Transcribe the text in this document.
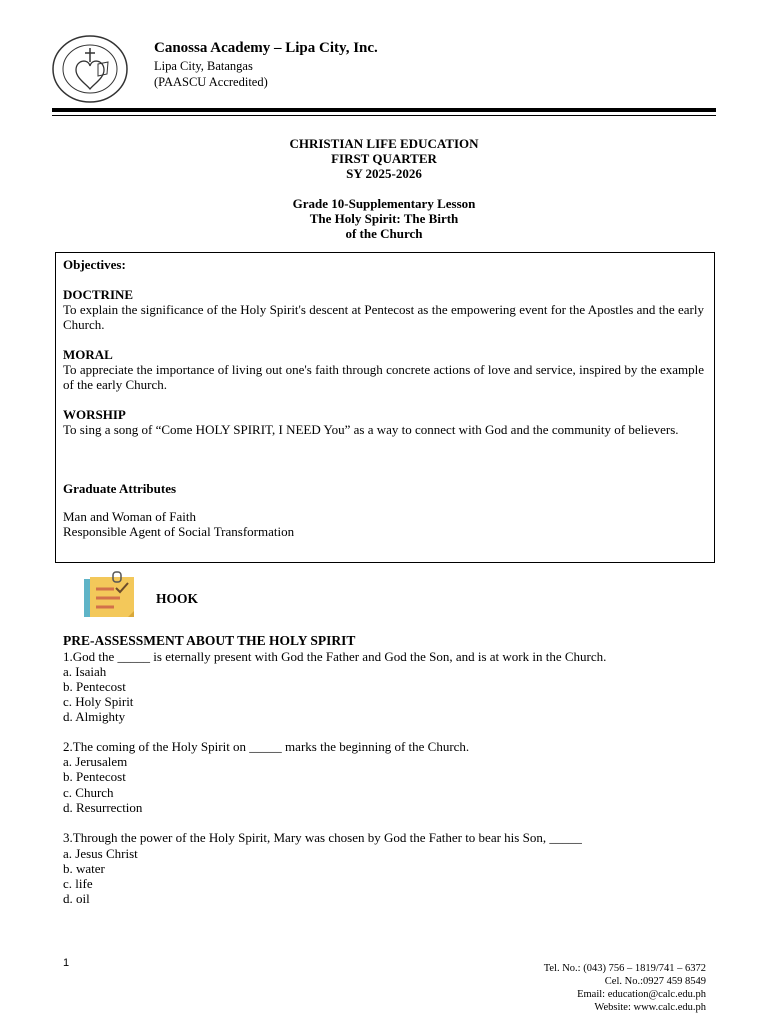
Canossa Academy – Lipa City, Inc.
Lipa City, Batangas
(PAASCU Accredited)
CHRISTIAN LIFE EDUCATION
FIRST QUARTER
SY 2025-2026
Grade 10-Supplementary Lesson
The Holy Spirit: The Birth
of the Church
Objectives:
DOCTRINE
To explain the significance of the Holy Spirit's descent at Pentecost as the empowering event for the Apostles and the early Church.
MORAL
To appreciate the importance of living out one's faith through concrete actions of love and service, inspired by the example of the early Church.
WORSHIP
To sing a song of “Come HOLY SPIRIT, I NEED You” as a way to connect with God and the community of believers.
Graduate Attributes
Man and Woman of Faith
Responsible Agent of Social Transformation
HOOK
PRE-ASSESSMENT ABOUT THE HOLY SPIRIT
1.God the _____ is eternally present with God the Father and God the Son, and is at work in the Church.
a. Isaiah
b. Pentecost
c. Holy Spirit
d. Almighty
2.The coming of the Holy Spirit on _____ marks the beginning of the Church.
a. Jerusalem
b. Pentecost
c. Church
d. Resurrection
3.Through the power of the Holy Spirit, Mary was chosen by God the Father to bear his Son, _____
a. Jesus Christ
b. water
c. life
d. oil
1	Tel. No.: (043) 756 – 1819/741 – 6372
Cel. No.:0927 459 8549
Email: education@calc.edu.ph
Website: www.calc.edu.ph
